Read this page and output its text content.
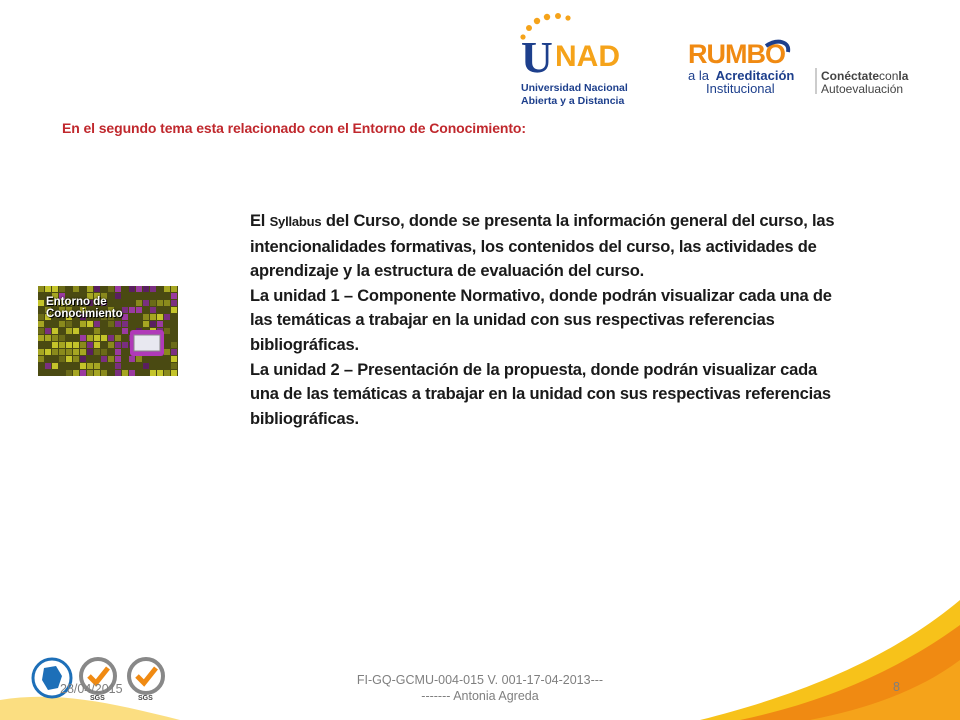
U NAD
Universidad Nacional
Abierta y a Distancia
RUMBO
a la Acreditación
Institucional
Conéctateconla
Autoevaluación
En el segundo tema esta relacionado con el Entorno de Conocimiento:
Entorno de
Conocimiento

El Syllabus del Curso, donde se presenta la información general del curso, las

intencionalidades formativas, los contenidos del curso, las actividades de

aprendizaje y la estructura de evaluación del curso.

La unidad 1 – Componente Normativo, donde podrán visualizar cada una de las temáticas a trabajar en la unidad con sus respectivas referencias bibliográficas.

La unidad 2 – Presentación de la propuesta, donde podrán visualizar cada una de las temáticas a trabajar en la unidad con sus respectivas referencias bibliográficas.

SGS	SGS
28/04/2015
FI-GQ-GCMU-004-015 V. 001-17-04-2013---
------- Antonia Agreda
8
